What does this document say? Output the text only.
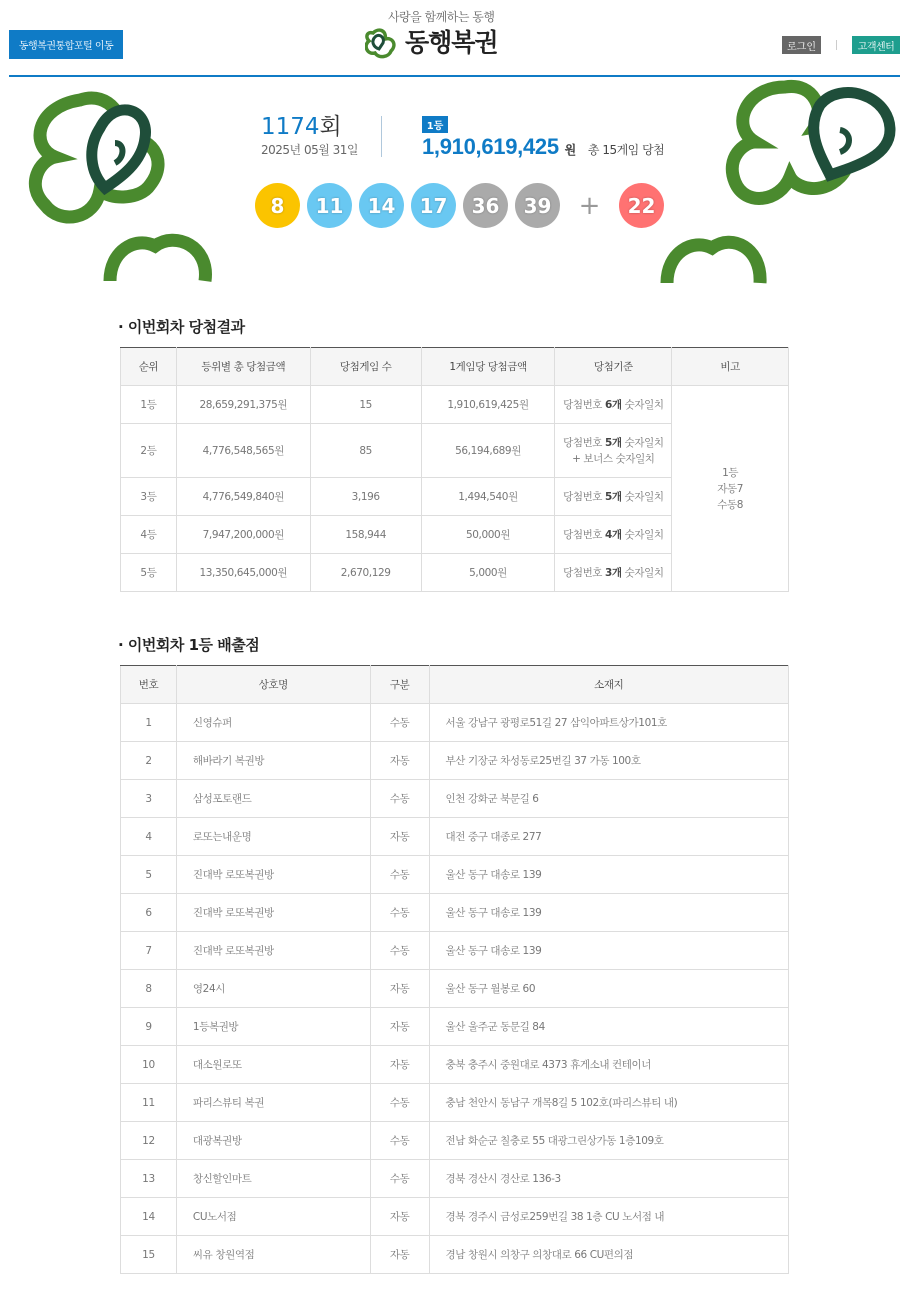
동행복권통합포털 이동
사랑을 함께하는 동행
동행복권	로그인	고객센터
1174회
2025년 05월 31일
1등
1,910,619,425 원 총 15게임 당첨
8	11	14	17	36	39	+	22
· 이번회차 당첨결과
순위	등위별 총 당첨금액	당첨게임 수	1게임당 당첨금액	당첨기준	비고
1등	28,659,291,375원	15	1,910,619,425원	당첨번호 6개 숫자일치	1등
자동7
수동8
2등	4,776,548,565원	85	56,194,689원	당첨번호 5개 숫자일치
+ 보너스 숫자일치	
3등	4,776,549,840원	3,196	1,494,540원	당첨번호 5개 숫자일치	
4등	7,947,200,000원	158,944	50,000원	당첨번호 4개 숫자일치	
5등	13,350,645,000원	2,670,129	5,000원	당첨번호 3개 숫자일치	
· 이번회차 1등 배출점
번호	상호명	구분	소재지
1	신영슈퍼	수동	서울 강남구 광평로51길 27 삼익아파트상가101호
2	해바라기 복권방	자동	부산 기장군 차성동로25번길 37 가동 100호
3	삼성포토랜드	수동	인천 강화군 북문길 6
4	로또는내운명	자동	대전 중구 대종로 277
5	진대박 로또복권방	수동	울산 동구 대송로 139
6	진대박 로또복권방	수동	울산 동구 대송로 139
7	진대박 로또복권방	수동	울산 동구 대송로 139
8	영24시	자동	울산 동구 월봉로 60
9	1등복권방	자동	울산 울주군 동문길 84
10	대소원로또	자동	충북 충주시 중원대로 4373 휴게소내 컨테이너
11	파리스뷰티 복권	수동	충남 천안시 동남구 개목8길 5 102호(파리스뷰티 내)
12	대광복권방	수동	전남 화순군 칠충로 55 대광그린상가동 1층109호
13	창신할인마트	수동	경북 경산시 경산로 136-3
14	CU노서점	자동	경북 경주시 금성로259번길 38 1층 CU 노서점 내
15	씨유 창원역점	자동	경남 창원시 의창구 의창대로 66 CU편의점
